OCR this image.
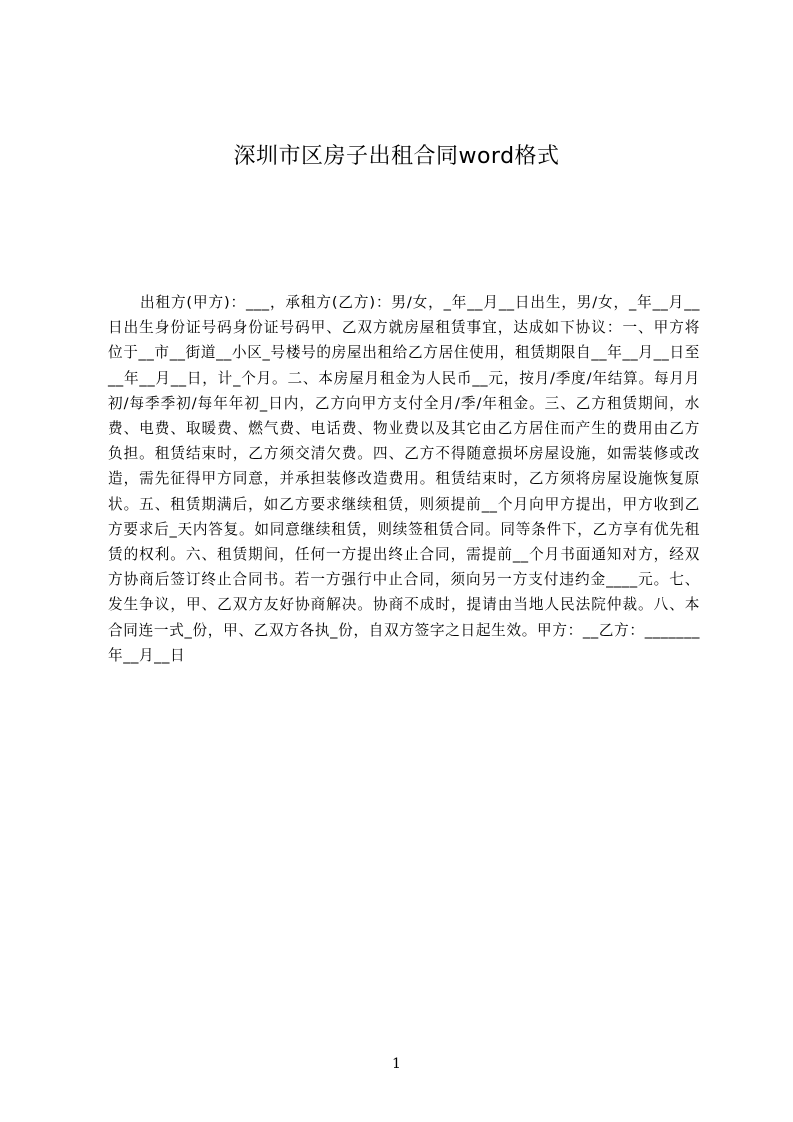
深圳市区房子出租合同word格式

出租方(甲方)：___，承租方(乙方)：男/女，_年__月__日出生，男/女，_年__月__日出生身份证号码身份证号码甲、乙双方就房屋租赁事宜，达成如下协议：一、甲方将位于__市__街道__小区_号楼号的房屋出租给乙方居住使用，租赁期限自__年__月__日至__年__月__日，计_个月。二、本房屋月租金为人民币__元，按月/季度/年结算。每月月初/每季季初/每年年初_日内，乙方向甲方支付全月/季/年租金。三、乙方租赁期间，水费、电费、取暖费、燃气费、电话费、物业费以及其它由乙方居住而产生的费用由乙方负担。租赁结束时，乙方须交清欠费。四、乙方不得随意损坏房屋设施，如需装修或改造，需先征得甲方同意，并承担装修改造费用。租赁结束时，乙方须将房屋设施恢复原状。五、租赁期满后，如乙方要求继续租赁，则须提前__个月向甲方提出，甲方收到乙方要求后_天内答复。如同意继续租赁，则续签租赁合同。同等条件下，乙方享有优先租赁的权利。六、租赁期间，任何一方提出终止合同，需提前__个月书面通知对方，经双方协商后签订终止合同书。若一方强行中止合同，须向另一方支付违约金____元。七、发生争议，甲、乙双方友好协商解决。协商不成时，提请由当地人民法院仲裁。八、本合同连一式_份，甲、乙双方各执_份，自双方签字之日起生效。甲方：__乙方：_______年__月__日

1
